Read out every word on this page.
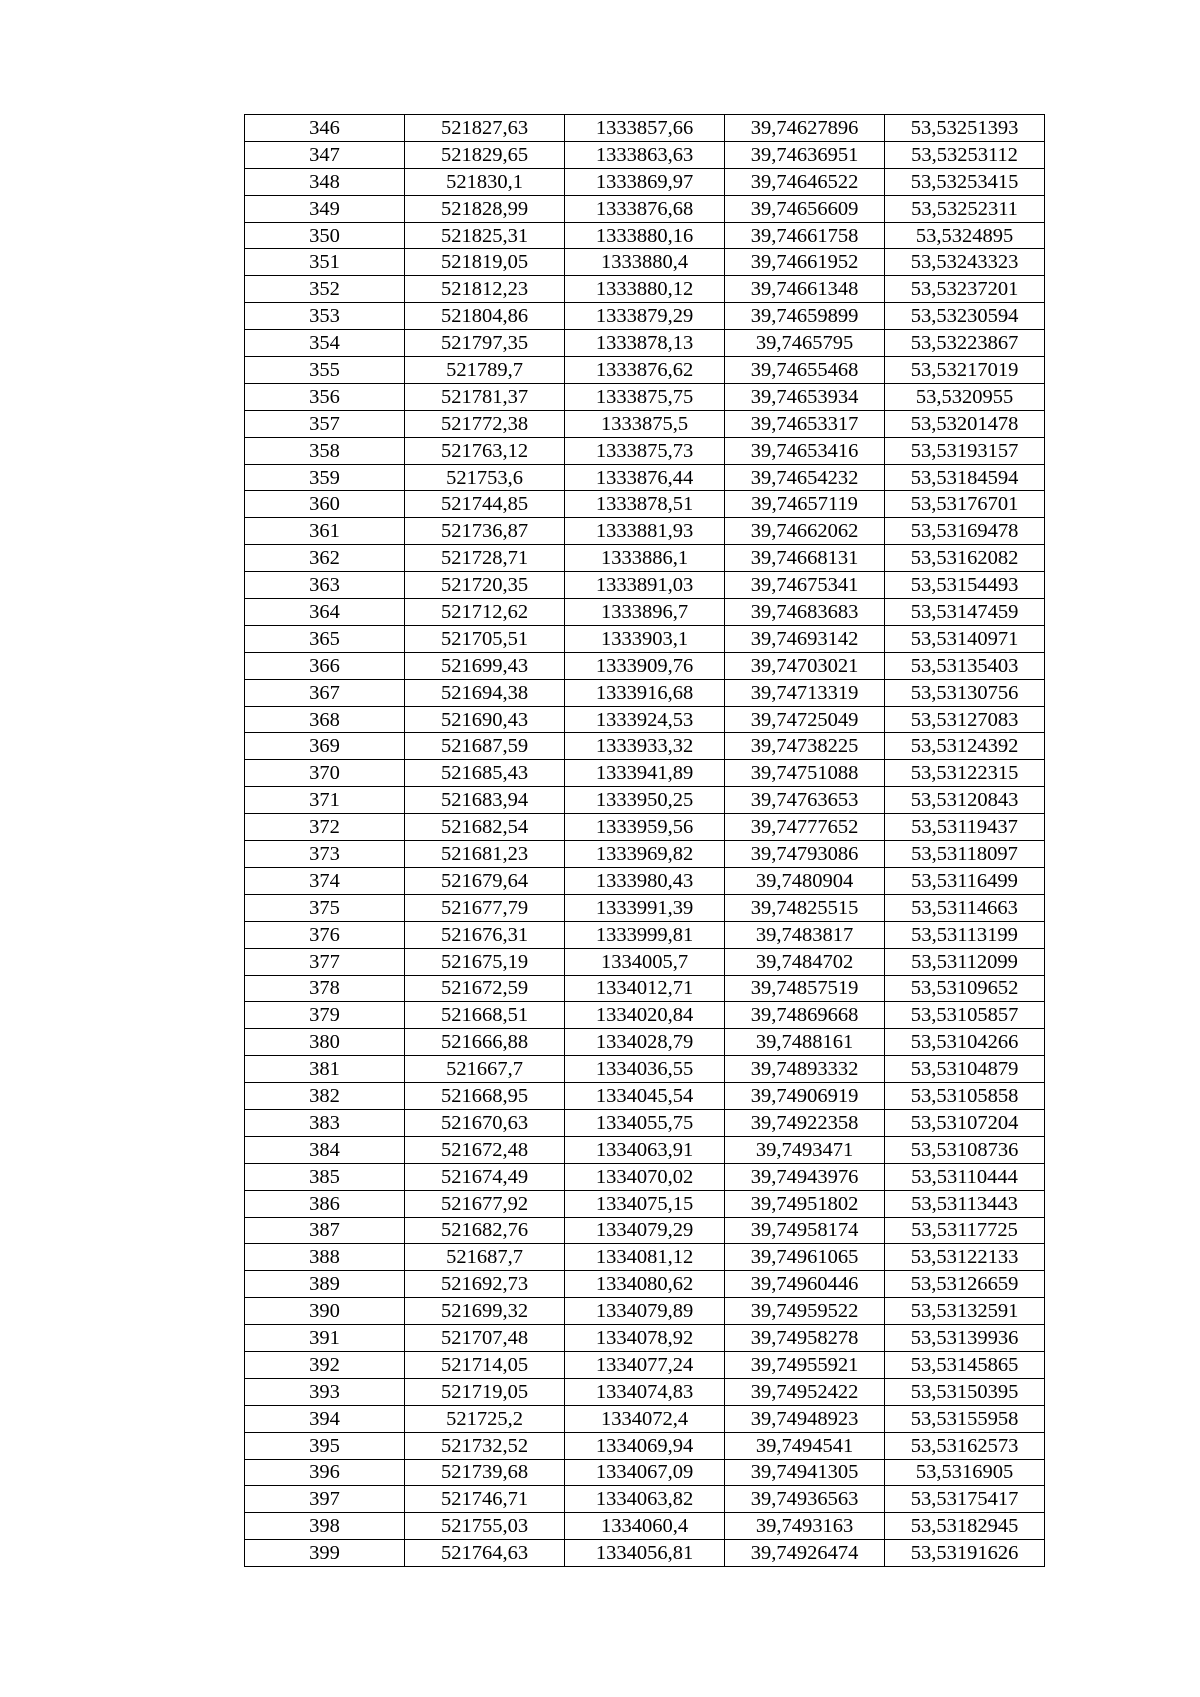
346	521827,63	1333857,66	39,74627896	53,53251393
347	521829,65	1333863,63	39,74636951	53,53253112
348	521830,1	1333869,97	39,74646522	53,53253415
349	521828,99	1333876,68	39,74656609	53,53252311
350	521825,31	1333880,16	39,74661758	53,5324895
351	521819,05	1333880,4	39,74661952	53,53243323
352	521812,23	1333880,12	39,74661348	53,53237201
353	521804,86	1333879,29	39,74659899	53,53230594
354	521797,35	1333878,13	39,7465795	53,53223867
355	521789,7	1333876,62	39,74655468	53,53217019
356	521781,37	1333875,75	39,74653934	53,5320955
357	521772,38	1333875,5	39,74653317	53,53201478
358	521763,12	1333875,73	39,74653416	53,53193157
359	521753,6	1333876,44	39,74654232	53,53184594
360	521744,85	1333878,51	39,74657119	53,53176701
361	521736,87	1333881,93	39,74662062	53,53169478
362	521728,71	1333886,1	39,74668131	53,53162082
363	521720,35	1333891,03	39,74675341	53,53154493
364	521712,62	1333896,7	39,74683683	53,53147459
365	521705,51	1333903,1	39,74693142	53,53140971
366	521699,43	1333909,76	39,74703021	53,53135403
367	521694,38	1333916,68	39,74713319	53,53130756
368	521690,43	1333924,53	39,74725049	53,53127083
369	521687,59	1333933,32	39,74738225	53,53124392
370	521685,43	1333941,89	39,74751088	53,53122315
371	521683,94	1333950,25	39,74763653	53,53120843
372	521682,54	1333959,56	39,74777652	53,53119437
373	521681,23	1333969,82	39,74793086	53,53118097
374	521679,64	1333980,43	39,7480904	53,53116499
375	521677,79	1333991,39	39,74825515	53,53114663
376	521676,31	1333999,81	39,7483817	53,53113199
377	521675,19	1334005,7	39,7484702	53,53112099
378	521672,59	1334012,71	39,74857519	53,53109652
379	521668,51	1334020,84	39,74869668	53,53105857
380	521666,88	1334028,79	39,7488161	53,53104266
381	521667,7	1334036,55	39,74893332	53,53104879
382	521668,95	1334045,54	39,74906919	53,53105858
383	521670,63	1334055,75	39,74922358	53,53107204
384	521672,48	1334063,91	39,7493471	53,53108736
385	521674,49	1334070,02	39,74943976	53,53110444
386	521677,92	1334075,15	39,74951802	53,53113443
387	521682,76	1334079,29	39,74958174	53,53117725
388	521687,7	1334081,12	39,74961065	53,53122133
389	521692,73	1334080,62	39,74960446	53,53126659
390	521699,32	1334079,89	39,74959522	53,53132591
391	521707,48	1334078,92	39,74958278	53,53139936
392	521714,05	1334077,24	39,74955921	53,53145865
393	521719,05	1334074,83	39,74952422	53,53150395
394	521725,2	1334072,4	39,74948923	53,53155958
395	521732,52	1334069,94	39,7494541	53,53162573
396	521739,68	1334067,09	39,74941305	53,5316905
397	521746,71	1334063,82	39,74936563	53,53175417
398	521755,03	1334060,4	39,7493163	53,53182945
399	521764,63	1334056,81	39,74926474	53,53191626
